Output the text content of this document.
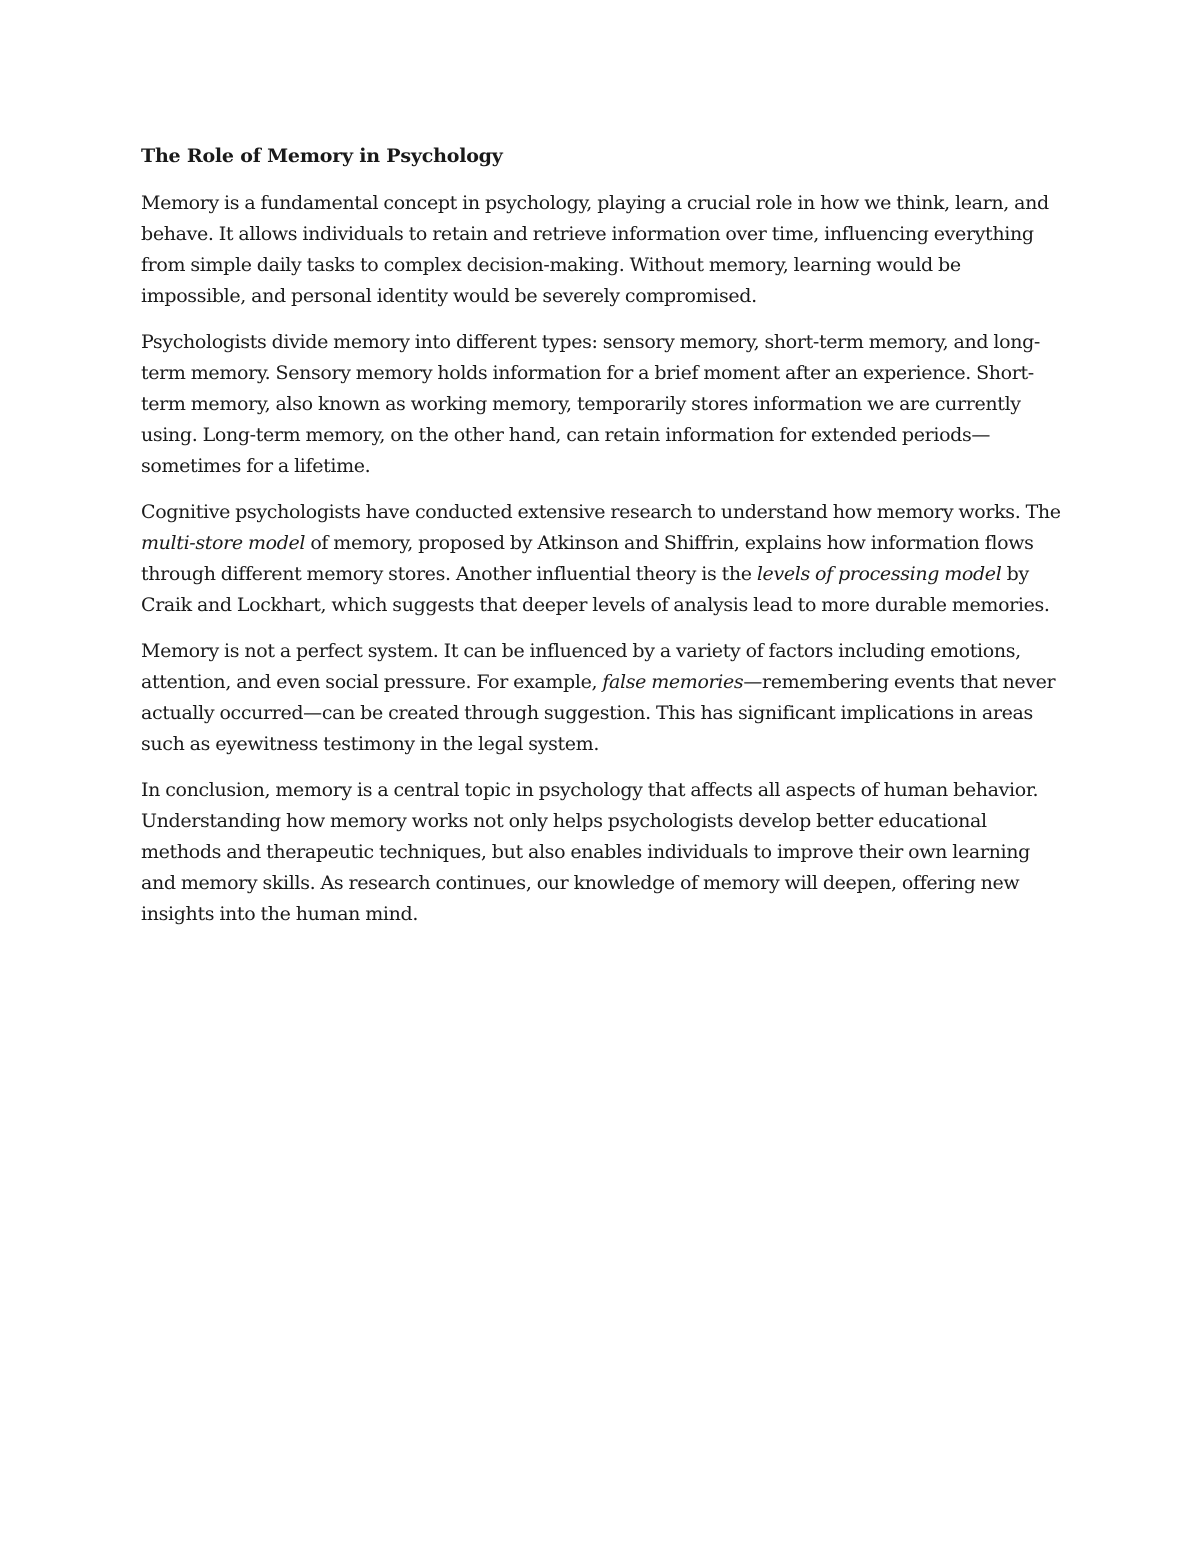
The Role of Memory in Psychology

Memory is a fundamental concept in psychology, playing a crucial role in how we think, learn, and behave. It allows individuals to retain and retrieve information over time, influencing everything from simple daily tasks to complex decision-making. Without memory, learning would be impossible, and personal identity would be severely compromised.

Psychologists divide memory into different types: sensory memory, short-term memory, and long-term memory. Sensory memory holds information for a brief moment after an experience. Short-term memory, also known as working memory, temporarily stores information we are currently using. Long-term memory, on the other hand, can retain information for extended periods—sometimes for a lifetime.

Cognitive psychologists have conducted extensive research to understand how memory works. The multi-store model of memory, proposed by Atkinson and Shiffrin, explains how information flows through different memory stores. Another influential theory is the levels of processing model by Craik and Lockhart, which suggests that deeper levels of analysis lead to more durable memories.

Memory is not a perfect system. It can be influenced by a variety of factors including emotions, attention, and even social pressure. For example, false memories—remembering events that never actually occurred—can be created through suggestion. This has significant implications in areas such as eyewitness testimony in the legal system.

In conclusion, memory is a central topic in psychology that affects all aspects of human behavior. Understanding how memory works not only helps psychologists develop better educational methods and therapeutic techniques, but also enables individuals to improve their own learning and memory skills. As research continues, our knowledge of memory will deepen, offering new insights into the human mind.
